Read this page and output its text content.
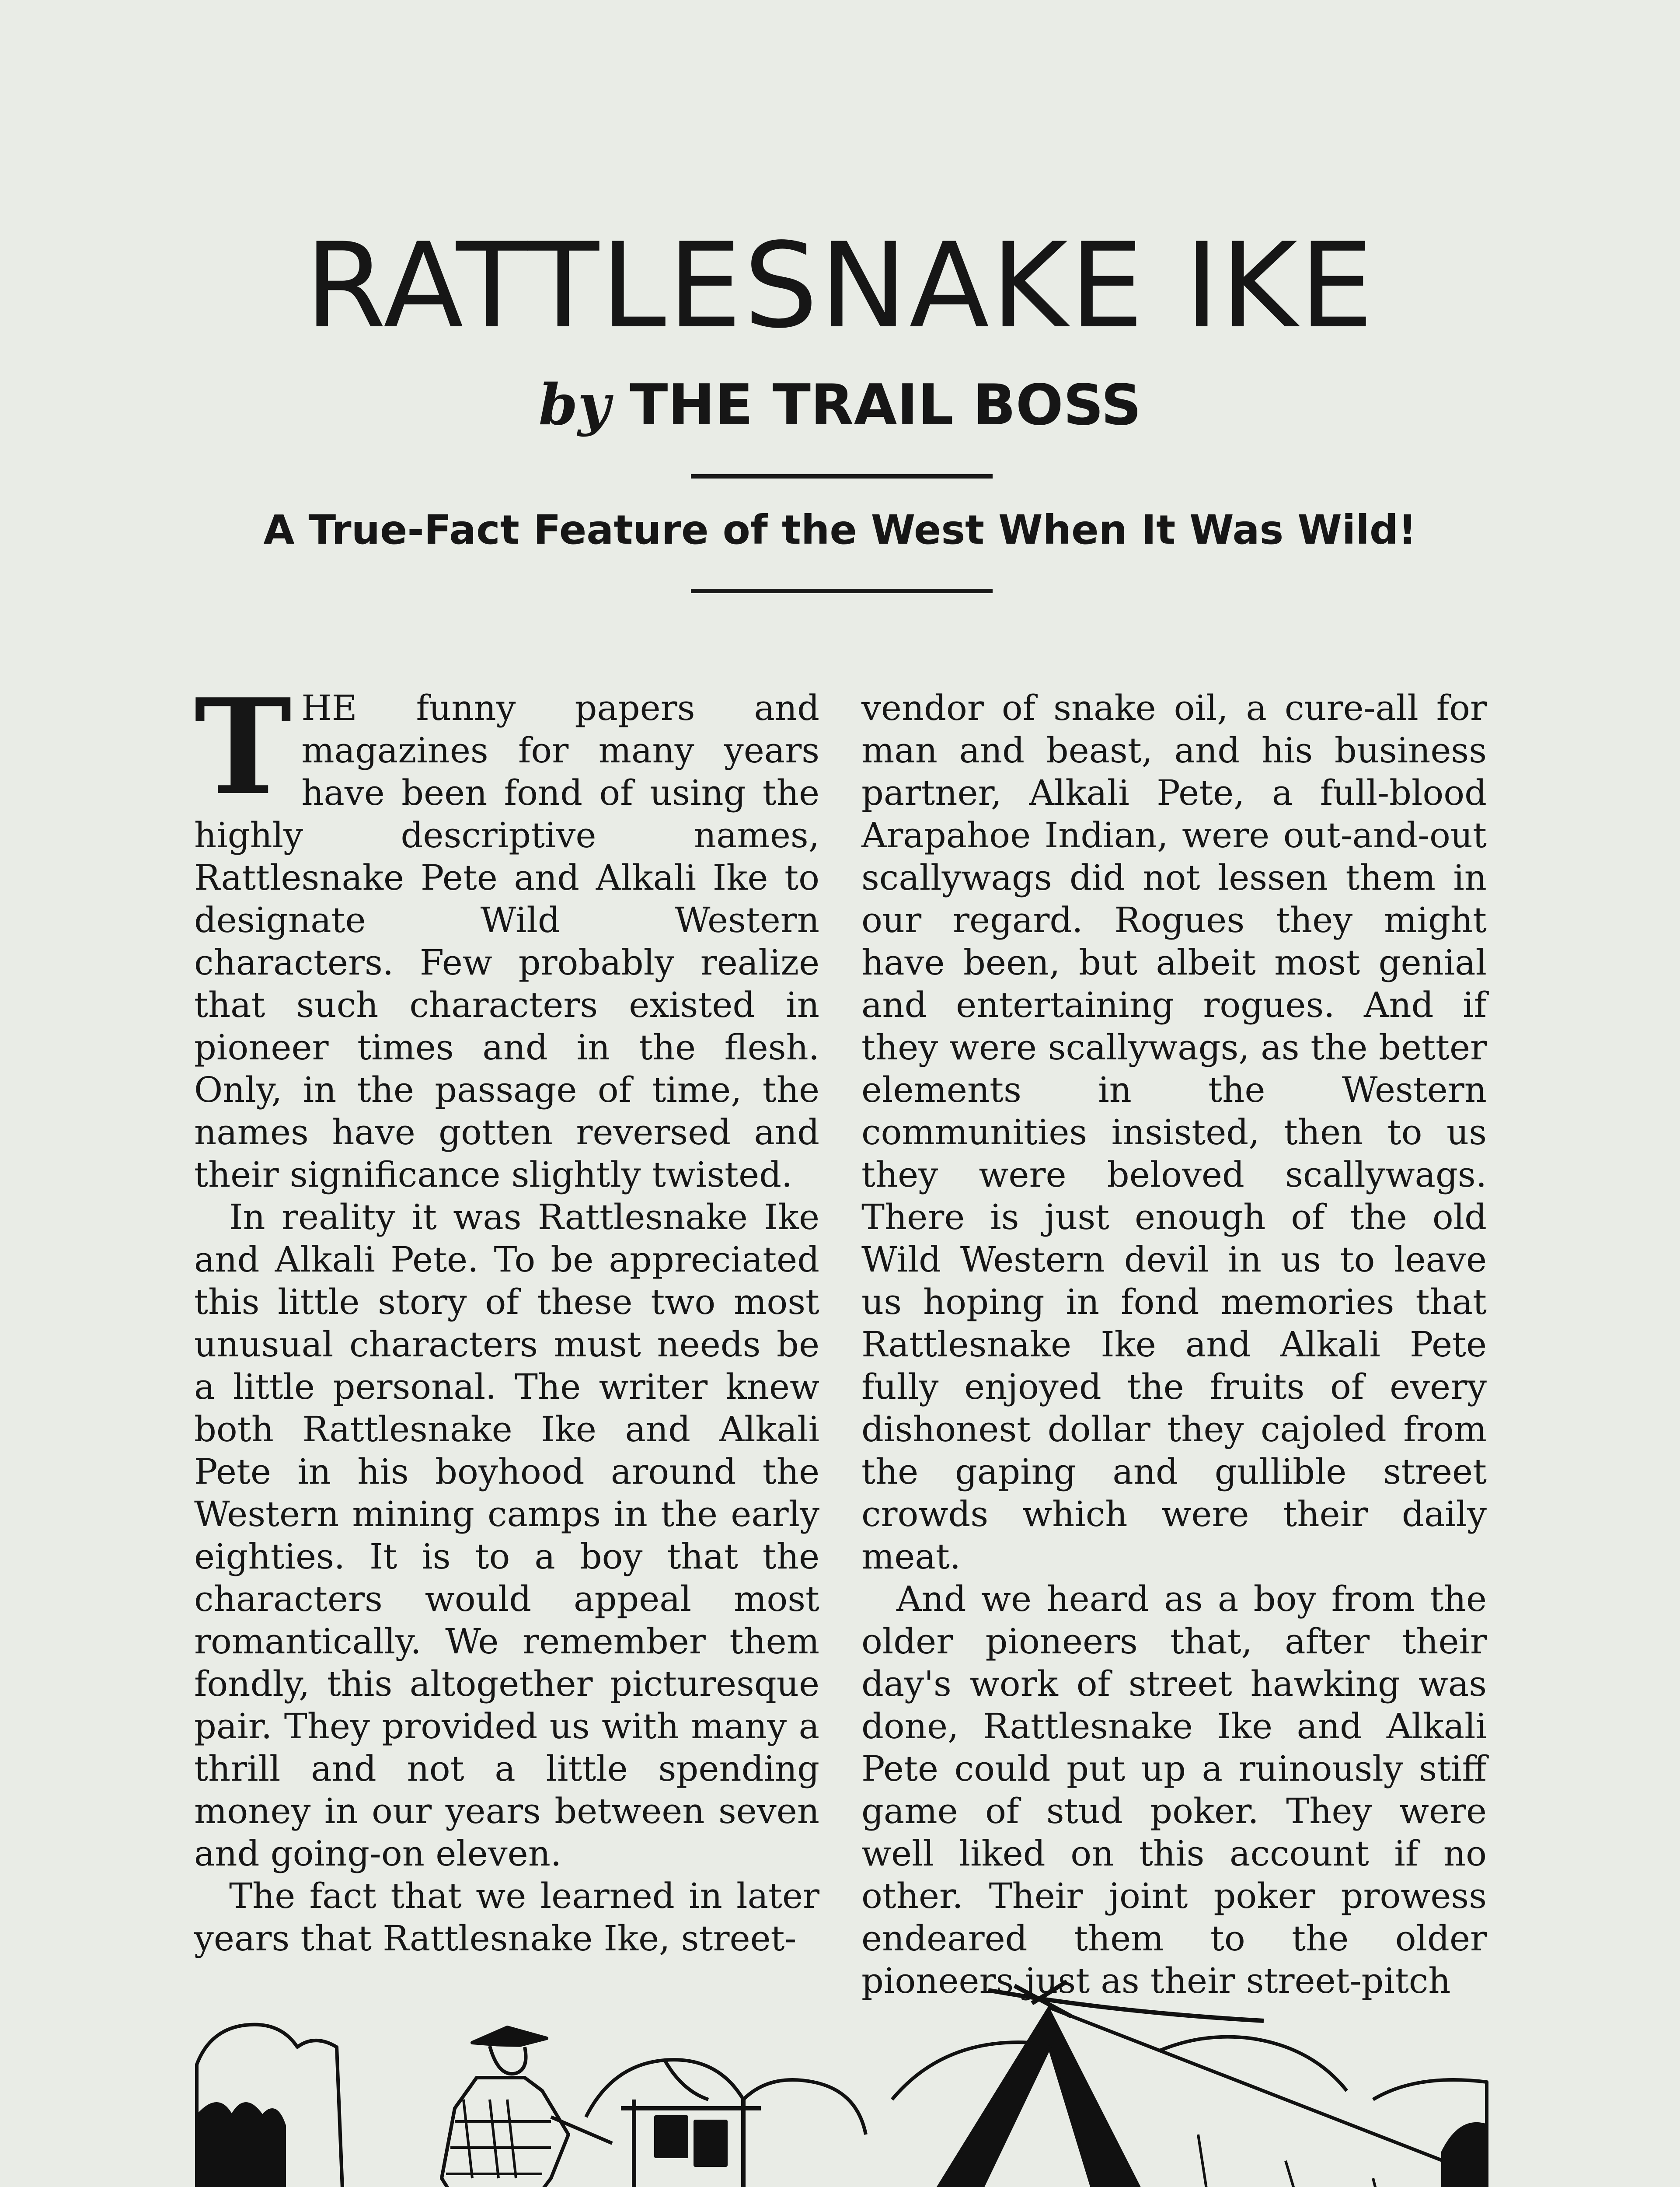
RATTLESNAKE IKE
by THE TRAIL BOSS
A True-Fact Feature of the West When It Was Wild!

THE funny papers and magazines for many years have been fond of using the highly descriptive names, Rattlesnake Pete and Alkali Ike to designate Wild Western characters. Few probably realize that such characters existed in pioneer times and in the flesh. Only, in the passage of time, the names have gotten reversed and their significance slightly twisted.

In reality it was Rattlesnake Ike and Alkali Pete. To be appreciated this little story of these two most unusual characters must needs be a little personal. The writer knew both Rattlesnake Ike and Alkali Pete in his boyhood around the Western mining camps in the early eighties. It is to a boy that the characters would appeal most romantically. We remember them fondly, this altogether picturesque pair. They provided us with many a thrill and not a little spending money in our years between seven and going-on eleven.

The fact that we learned in later years that Rattlesnake Ike, street-

vendor of snake oil, a cure-all for man and beast, and his business partner, Alkali Pete, a full-blood Arapahoe Indian, were out-and-out scallywags did not lessen them in our regard. Rogues they might have been, but albeit most genial and entertaining rogues. And if they were scallywags, as the better elements in the Western communities insisted, then to us they were beloved scallywags. There is just enough of the old Wild Western devil in us to leave us hoping in fond memories that Rattlesnake Ike and Alkali Pete fully enjoyed the fruits of every dishonest dollar they cajoled from the gaping and gullible street crowds which were their daily meat.

And we heard as a boy from the older pioneers that, after their day's work of street hawking was done, Rattlesnake Ike and Alkali Pete could put up a ruinously stiff game of stud poker. They were well liked on this account if no other. Their joint poker prowess endeared them to the older pioneers just as their street-pitch
